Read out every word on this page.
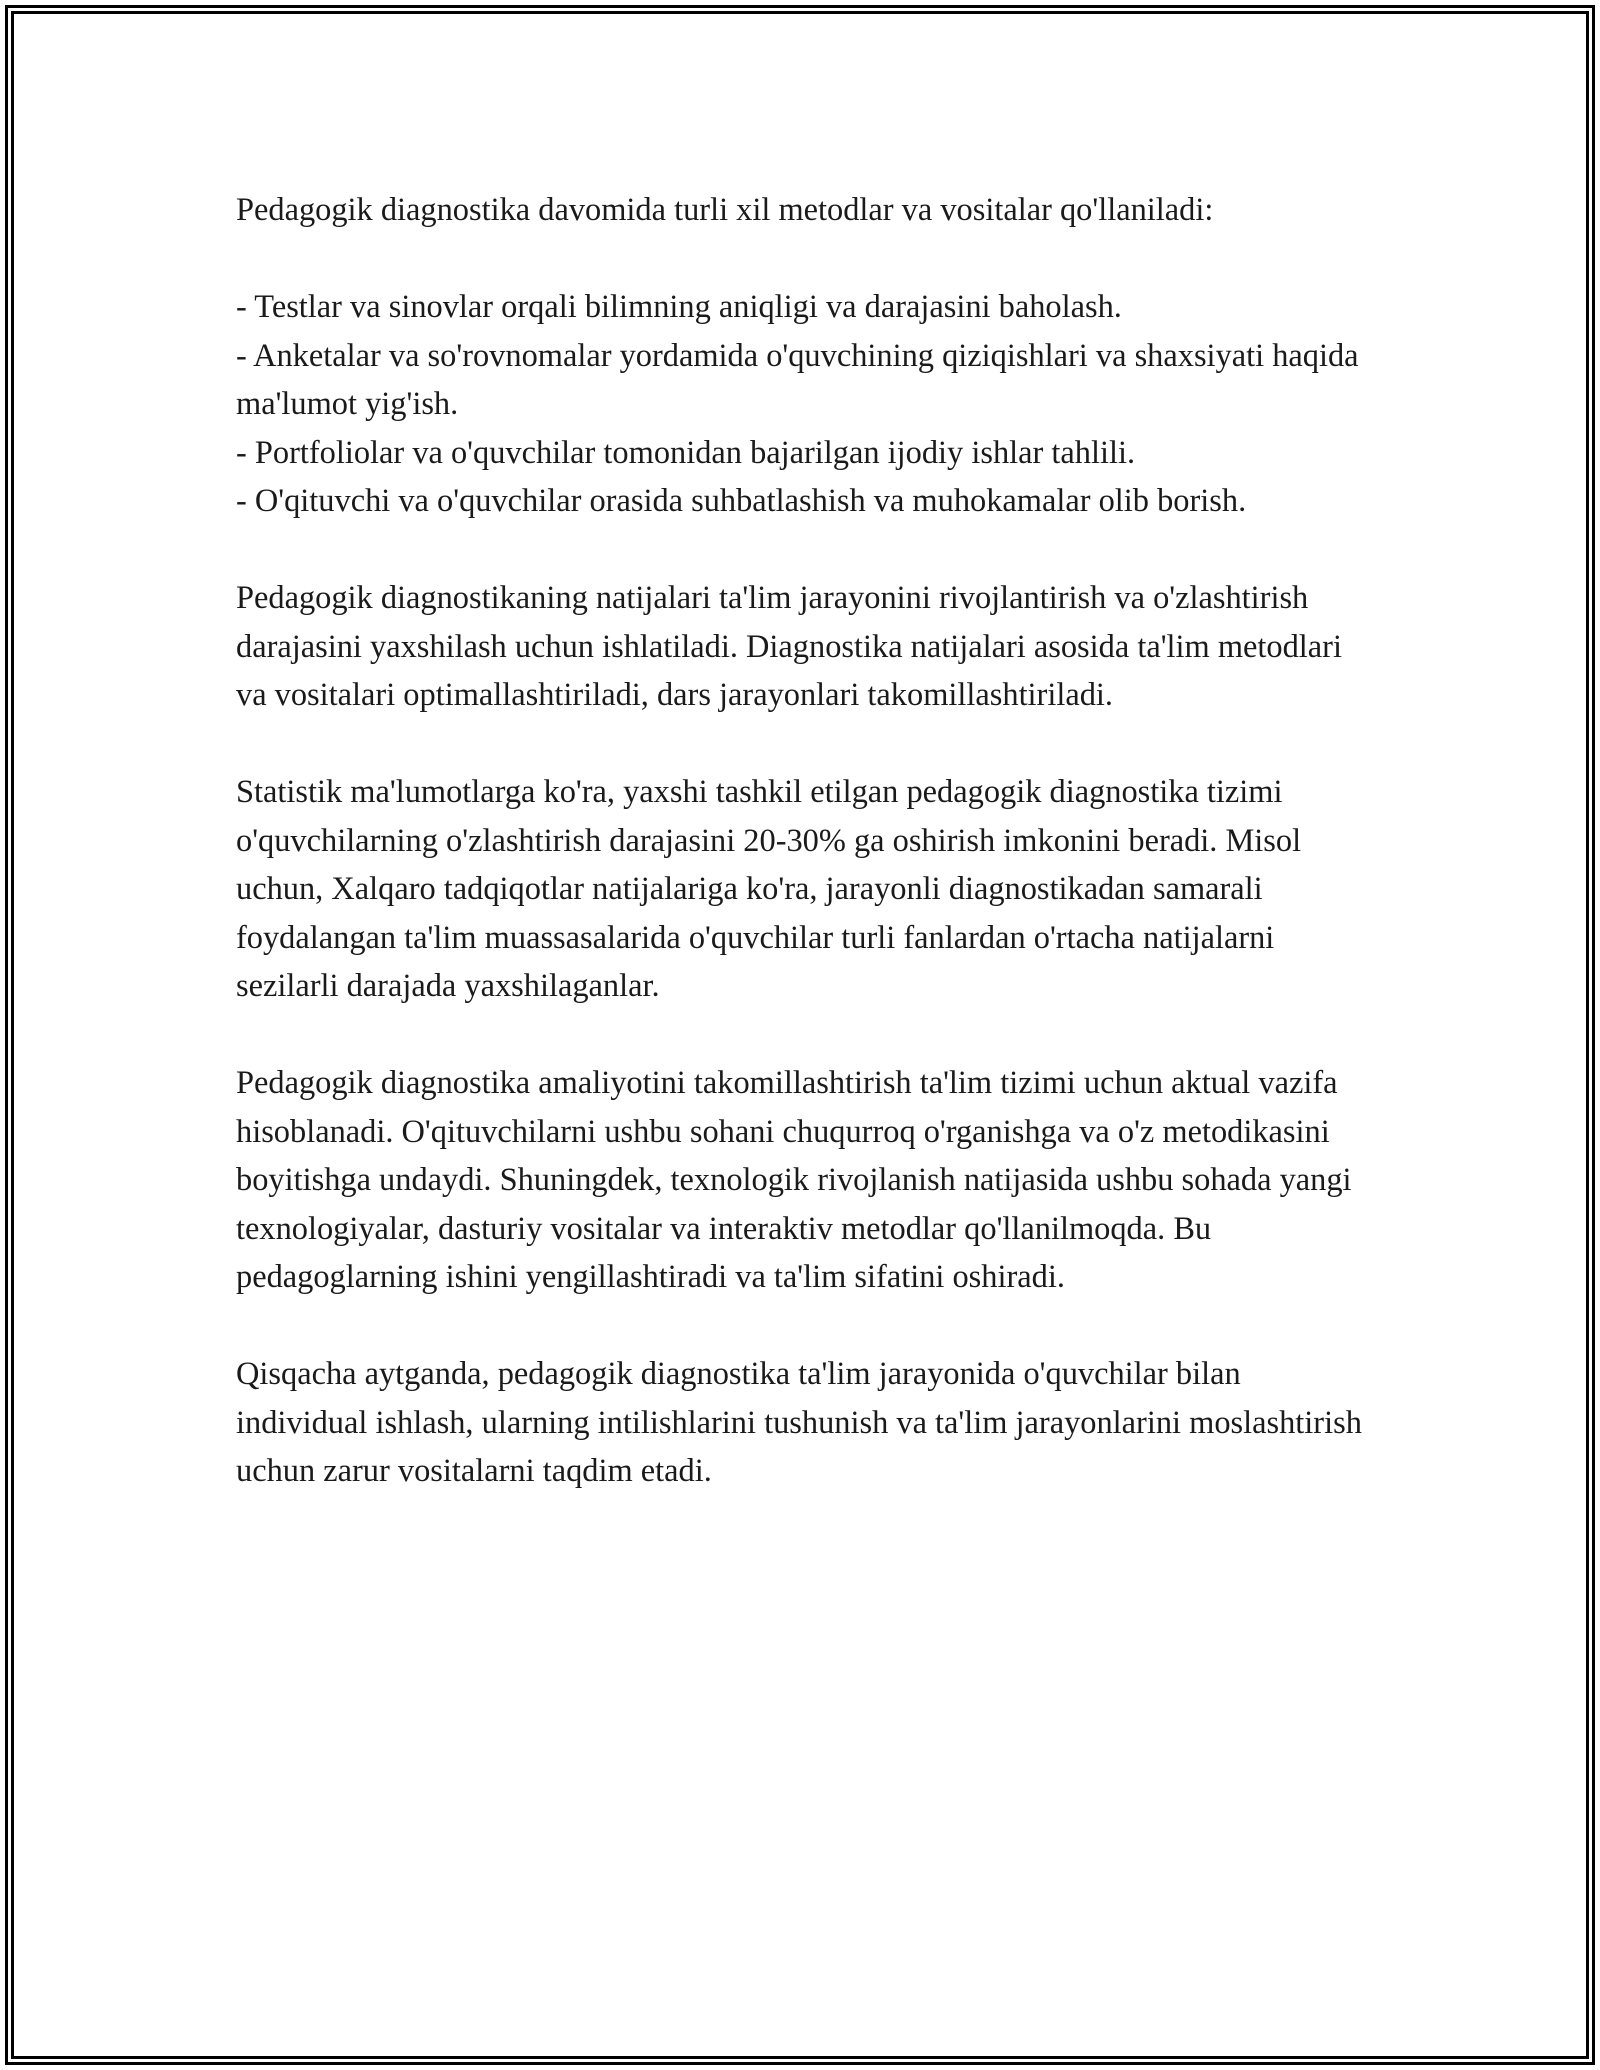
Pedagogik diagnostika davomida turli xil metodlar va vositalar qo'llaniladi:

- Testlar va sinovlar orqali bilimning aniqligi va darajasini baholash.

- Anketalar va so'rovnomalar yordamida o'quvchining qiziqishlari va shaxsiyati haqida ma'lumot yig'ish.

- Portfoliolar va o'quvchilar tomonidan bajarilgan ijodiy ishlar tahlili.

- O'qituvchi va o'quvchilar orasida suhbatlashish va muhokamalar olib borish.

Pedagogik diagnostikaning natijalari ta'lim jarayonini rivojlantirish va o'zlashtirish darajasini yaxshilash uchun ishlatiladi. Diagnostika natijalari asosida ta'lim metodlari va vositalari optimallashtiriladi, dars jarayonlari takomillashtiriladi.

Statistik ma'lumotlarga ko'ra, yaxshi tashkil etilgan pedagogik diagnostika tizimi o'quvchilarning o'zlashtirish darajasini 20-30% ga oshirish imkonini beradi. Misol uchun, Xalqaro tadqiqotlar natijalariga ko'ra, jarayonli diagnostikadan samarali foydalangan ta'lim muassasalarida o'quvchilar turli fanlardan o'rtacha natijalarni sezilarli darajada yaxshilaganlar.

Pedagogik diagnostika amaliyotini takomillashtirish ta'lim tizimi uchun aktual vazifa hisoblanadi. O'qituvchilarni ushbu sohani chuqurroq o'rganishga va o'z metodikasini boyitishga undaydi. Shuningdek, texnologik rivojlanish natijasida ushbu sohada yangi texnologiyalar, dasturiy vositalar va interaktiv metodlar qo'llanilmoqda. Bu pedagoglarning ishini yengillashtiradi va ta'lim sifatini oshiradi.

Qisqacha aytganda, pedagogik diagnostika ta'lim jarayonida o'quvchilar bilan individual ishlash, ularning intilishlarini tushunish va ta'lim jarayonlarini moslashtirish uchun zarur vositalarni taqdim etadi.
